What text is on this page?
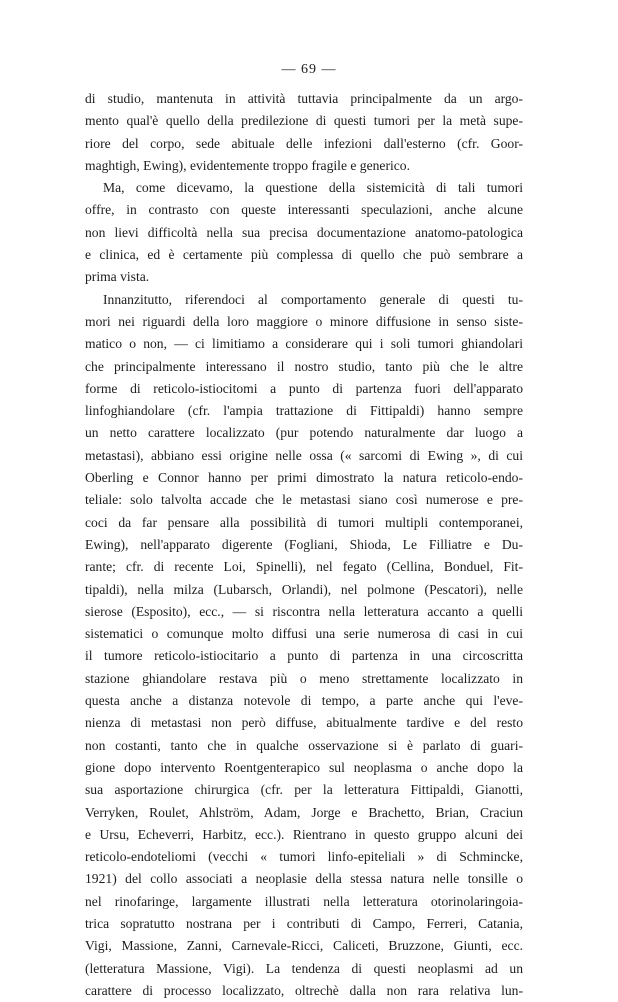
— 69 —
di studio, mantenuta in attività tuttavia principalmente da un argo-
mento qual'è quello della predilezione di questi tumori per la metà supe-
riore del corpo, sede abituale delle infezioni dall'esterno (cfr. Goor-
maghtigh, Ewing), evidentemente troppo fragile e generico.
Ma, come dicevamo, la questione della sistemicità di tali tumori
offre, in contrasto con queste interessanti speculazioni, anche alcune
non lievi difficoltà nella sua precisa documentazione anatomo-patologica
e clinica, ed è certamente più complessa di quello che può sembrare a
prima vista.
Innanzitutto, riferendoci al comportamento generale di questi tu-
mori nei riguardi della loro maggiore o minore diffusione in senso siste-
matico o non, — ci limitiamo a considerare qui i soli tumori ghiandolari
che principalmente interessano il nostro studio, tanto più che le altre
forme di reticolo-istiocitomi a punto di partenza fuori dell'apparato
linfoghiandolare (cfr. l'ampia trattazione di Fittipaldi) hanno sempre
un netto carattere localizzato (pur potendo naturalmente dar luogo a
metastasi), abbiano essi origine nelle ossa (« sarcomi di Ewing », di cui
Oberling e Connor hanno per primi dimostrato la natura reticolo-endo-
teliale: solo talvolta accade che le metastasi siano così numerose e pre-
coci da far pensare alla possibilità di tumori multipli contemporanei,
Ewing), nell'apparato digerente (Fogliani, Shioda, Le Filliatre e Du-
rante; cfr. di recente Loi, Spinelli), nel fegato (Cellina, Bonduel, Fit-
tipaldi), nella milza (Lubarsch, Orlandi), nel polmone (Pescatori), nelle
sierose (Esposito), ecc., — si riscontra nella letteratura accanto a quelli
sistematici o comunque molto diffusi una serie numerosa di casi in cui
il tumore reticolo-istiocitario a punto di partenza in una circoscritta
stazione ghiandolare restava più o meno strettamente localizzato in
questa anche a distanza notevole di tempo, a parte anche qui l'eve-
nienza di metastasi non però diffuse, abitualmente tardive e del resto
non costanti, tanto che in qualche osservazione si è parlato di guari-
gione dopo intervento Roentgenterapico sul neoplasma o anche dopo la
sua asportazione chirurgica (cfr. per la letteratura Fittipaldi, Gianotti,
Verryken, Roulet, Ahlström, Adam, Jorge e Brachetto, Brian, Craciun
e Ursu, Echeverri, Harbitz, ecc.). Rientrano in questo gruppo alcuni dei
reticolo-endoteliomi (vecchi « tumori linfo-epiteliali » di Schmincke,
1921) del collo associati a neoplasie della stessa natura nelle tonsille o
nel rinofaringe, largamente illustrati nella letteratura otorinolaringoia-
trica sopratutto nostrana per i contributi di Campo, Ferreri, Catania,
Vigi, Massione, Zanni, Carnevale-Ricci, Caliceti, Bruzzone, Giunti, ecc.
(letteratura Massione, Vigi). La tendenza di questi neoplasmi ad un
carattere di processo localizzato, oltrechè dalla non rara relativa lun-
